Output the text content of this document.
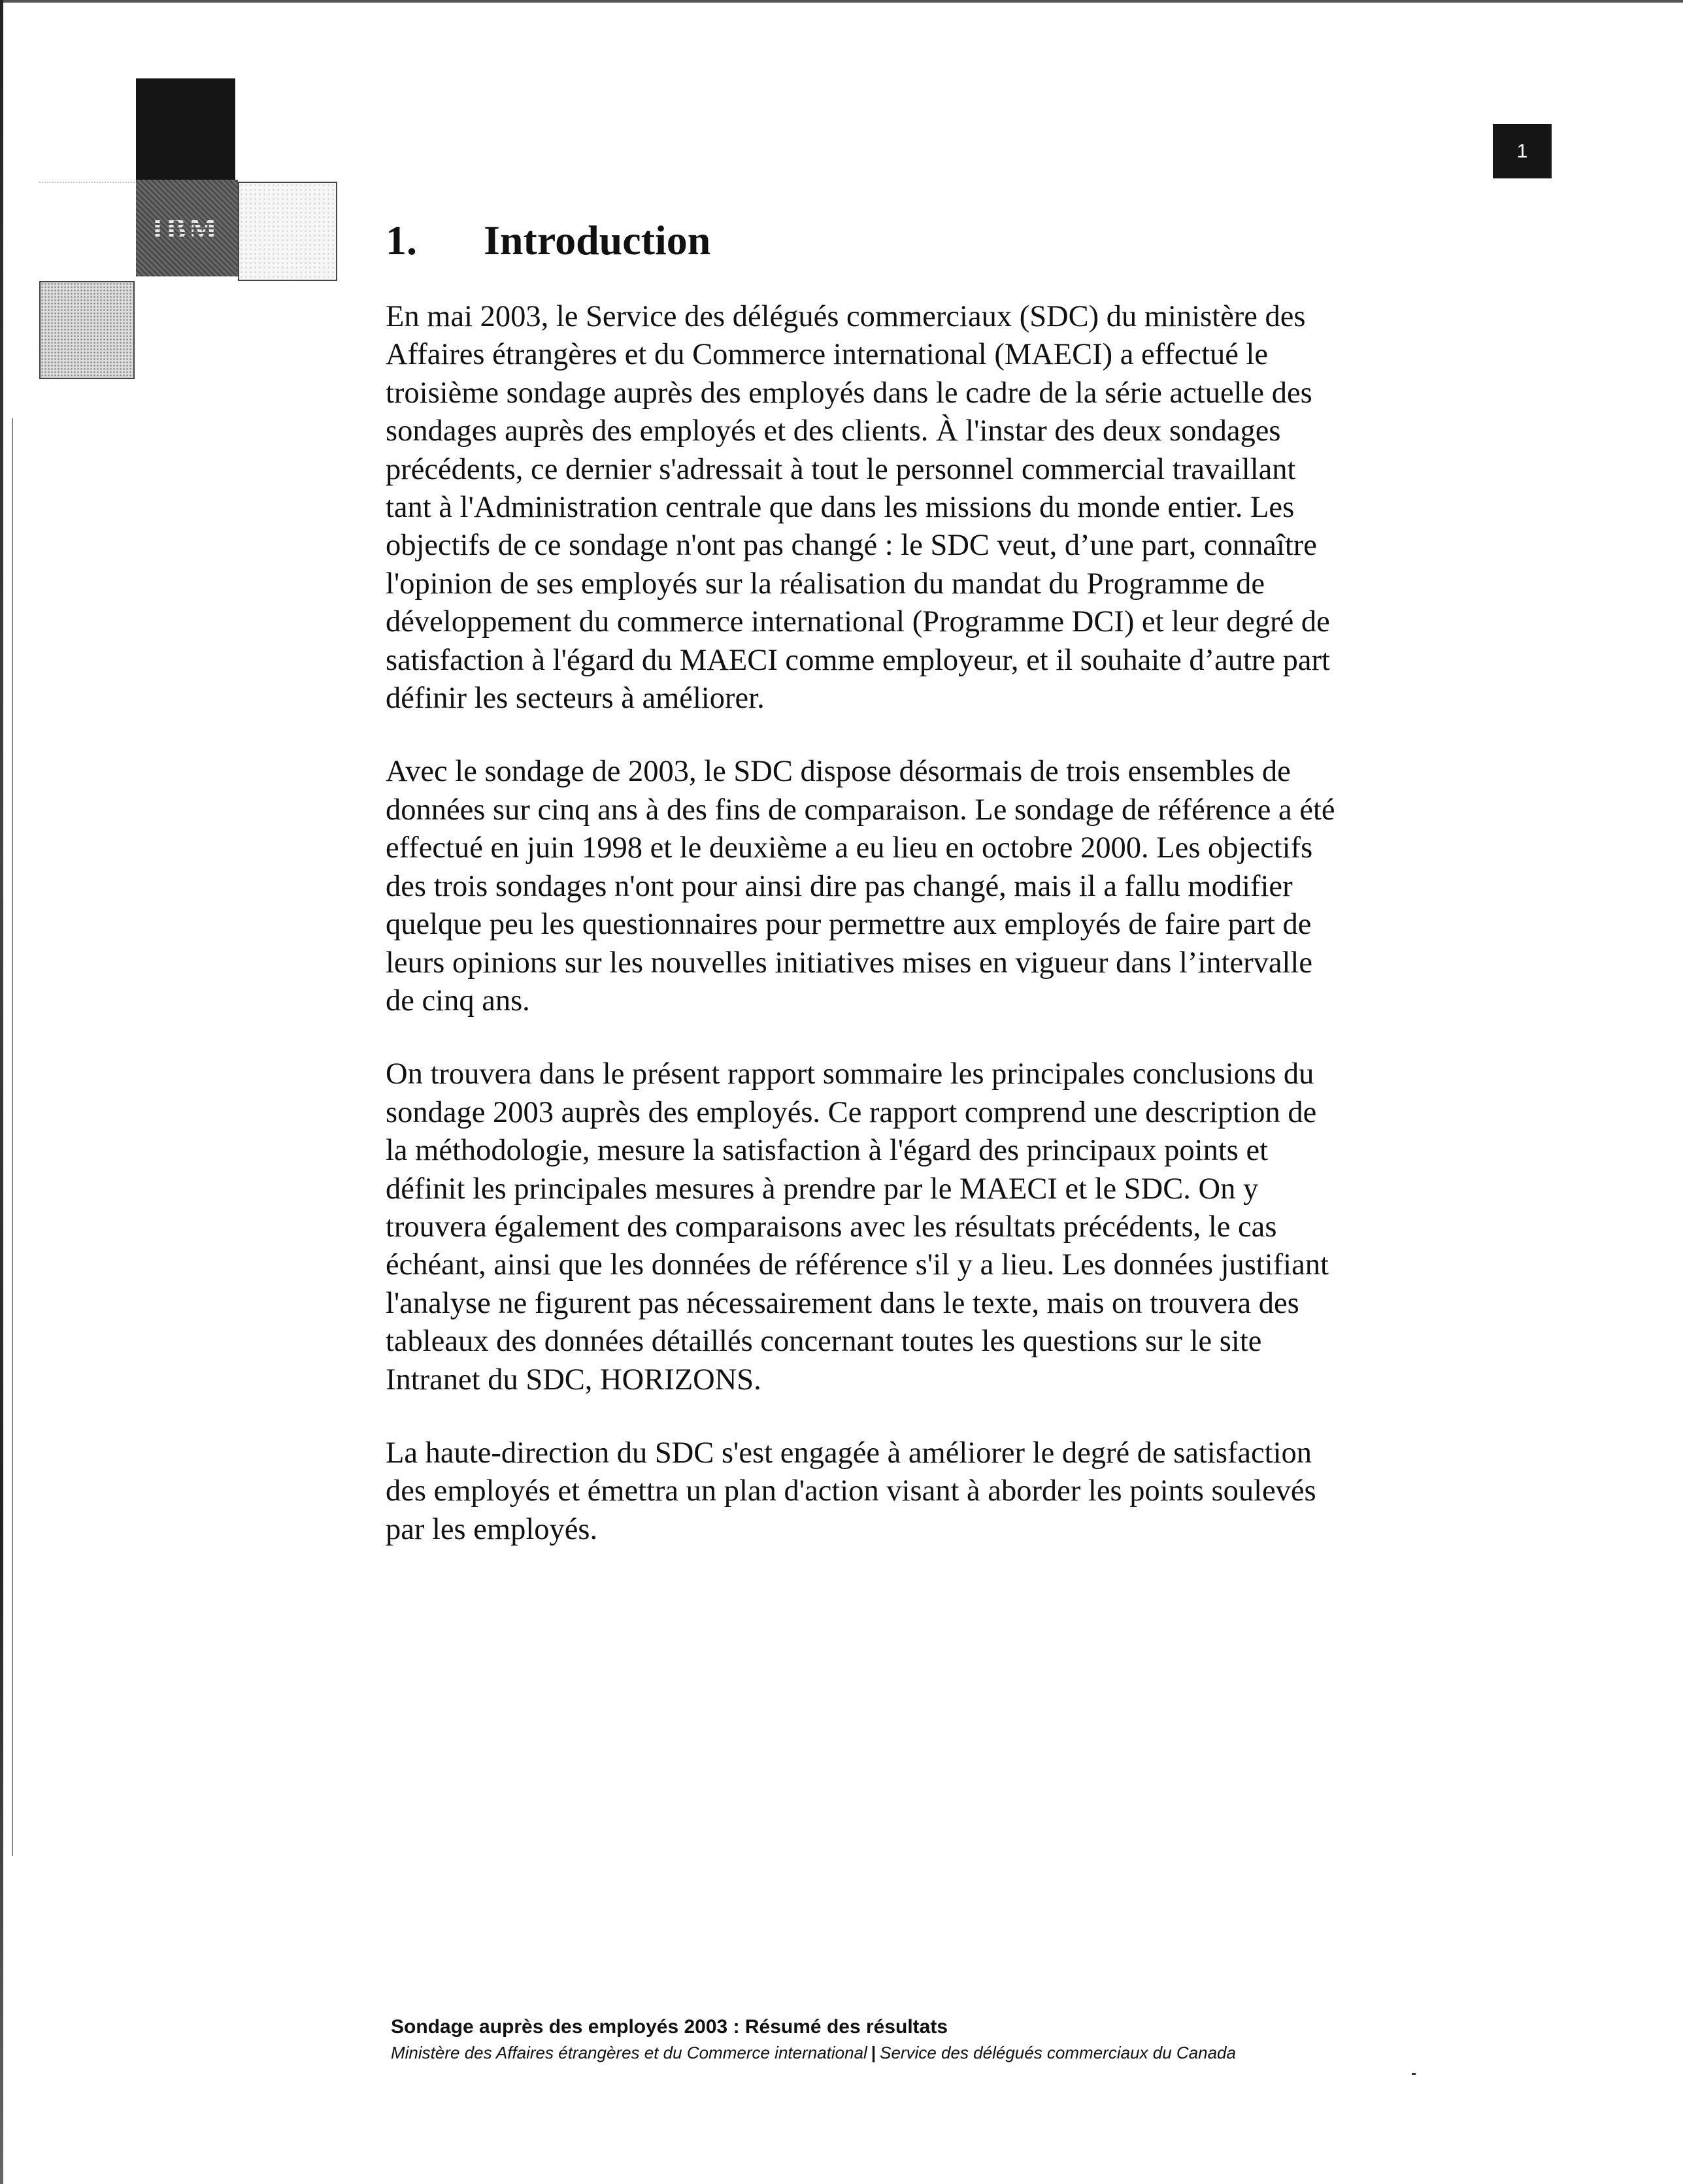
IBM
1
1. Introduction

En mai 2003, le Service des délégués commerciaux (SDC) du ministère des
Affaires étrangères et du Commerce international (MAECI) a effectué le
troisième sondage auprès des employés dans le cadre de la série actuelle des
sondages auprès des employés et des clients. À l'instar des deux sondages
précédents, ce dernier s'adressait à tout le personnel commercial travaillant
tant à l'Administration centrale que dans les missions du monde entier. Les
objectifs de ce sondage n'ont pas changé : le SDC veut, d’une part, connaître
l'opinion de ses employés sur la réalisation du mandat du Programme de
développement du commerce international (Programme DCI) et leur degré de
satisfaction à l'égard du MAECI comme employeur, et il souhaite d’autre part
définir les secteurs à améliorer.

Avec le sondage de 2003, le SDC dispose désormais de trois ensembles de
données sur cinq ans à des fins de comparaison. Le sondage de référence a été
effectué en juin 1998 et le deuxième a eu lieu en octobre 2000. Les objectifs
des trois sondages n'ont pour ainsi dire pas changé, mais il a fallu modifier
quelque peu les questionnaires pour permettre aux employés de faire part de
leurs opinions sur les nouvelles initiatives mises en vigueur dans l’intervalle
de cinq ans.

On trouvera dans le présent rapport sommaire les principales conclusions du
sondage 2003 auprès des employés. Ce rapport comprend une description de
la méthodologie, mesure la satisfaction à l'égard des principaux points et
définit les principales mesures à prendre par le MAECI et le SDC. On y
trouvera également des comparaisons avec les résultats précédents, le cas
échéant, ainsi que les données de référence s'il y a lieu. Les données justifiant
l'analyse ne figurent pas nécessairement dans le texte, mais on trouvera des
tableaux des données détaillés concernant toutes les questions sur le site
Intranet du SDC, HORIZONS.

La haute-direction du SDC s'est engagée à améliorer le degré de satisfaction
des employés et émettra un plan d'action visant à aborder les points soulevés
par les employés.

Sondage auprès des employés 2003 : Résumé des résultats
Ministère des Affaires étrangères et du Commerce international | Service des délégués commerciaux du Canada
